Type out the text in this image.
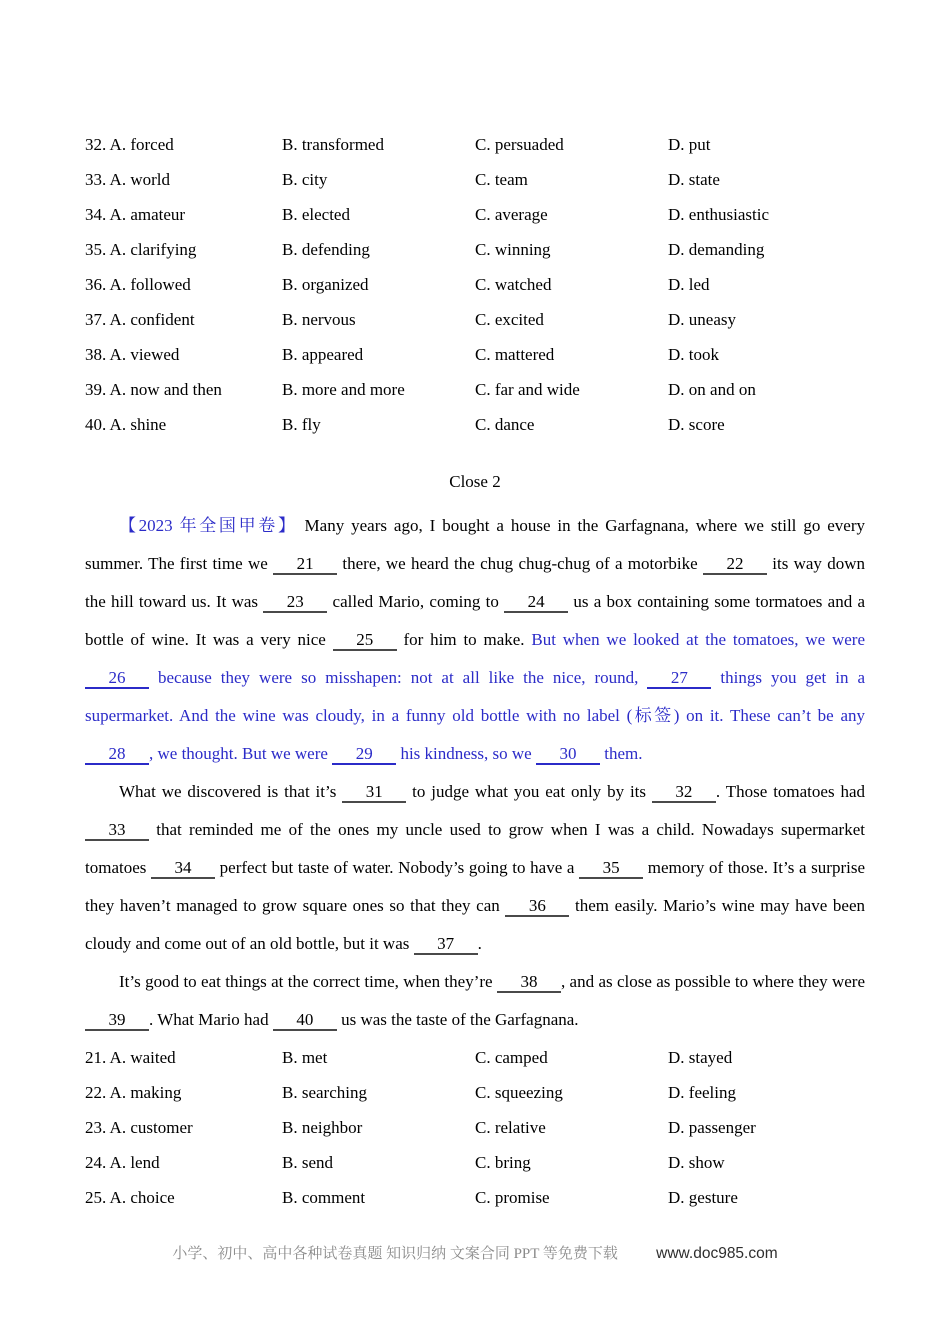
32. A. forced	B. transformed	C. persuaded	D. put
33. A. world	B. city	C. team	D. state
34. A. amateur	B. elected	C. average	D. enthusiastic
35. A. clarifying	B. defending	C. winning	D. demanding
36. A. followed	B. organized	C. watched	D. led
37. A. confident	B. nervous	C. excited	D. uneasy
38. A. viewed	B. appeared	C. mattered	D. took
39. A. now and then	B. more and more	C. far and wide	D. on and on
40. A. shine	B. fly	C. dance	D. score
Close 2

【2023 年全国甲卷】 Many years ago, I bought a house in the Garfagnana, where we still go every summer. The first time we 21 there, we heard the chug chug-chug of a motorbike 22 its way down the hill toward us. It was 23 called Mario, coming to 24 us a box containing some tormatoes and a bottle of wine. It was a very nice 25 for him to make. But when we looked at the tomatoes, we were 26 because they were so misshapen: not at all like the nice, round, 27 things you get in a supermarket. And the wine was cloudy, in a funny old bottle with no label (标签) on it. These can’t be any 28 , we thought. But we were 29 his kindness, so we 30 them.

What we discovered is that it’s 31 to judge what you eat only by its 32 . Those tomatoes had 33 that reminded me of the ones my uncle used to grow when I was a child. Nowadays supermarket tomatoes 34 perfect but taste of water. Nobody’s going to have a 35 memory of those. It’s a surprise they haven’t managed to grow square ones so that they can 36 them easily. Mario’s wine may have been cloudy and come out of an old bottle, but it was 37 .

It’s good to eat things at the correct time, when they’re 38 , and as close as possible to where they were 39 . What Mario had 40 us was the taste of the Garfagnana.

21. A. waited	B. met	C. camped	D. stayed
22. A. making	B. searching	C. squeezing	D. feeling
23. A. customer	B. neighbor	C. relative	D. passenger
24. A. lend	B. send	C. bring	D. show
25. A. choice	B. comment	C. promise	D. gesture
小学、初中、高中各种试卷真题 知识归纳 文案合同 PPT 等免费下载 www.doc985.com
